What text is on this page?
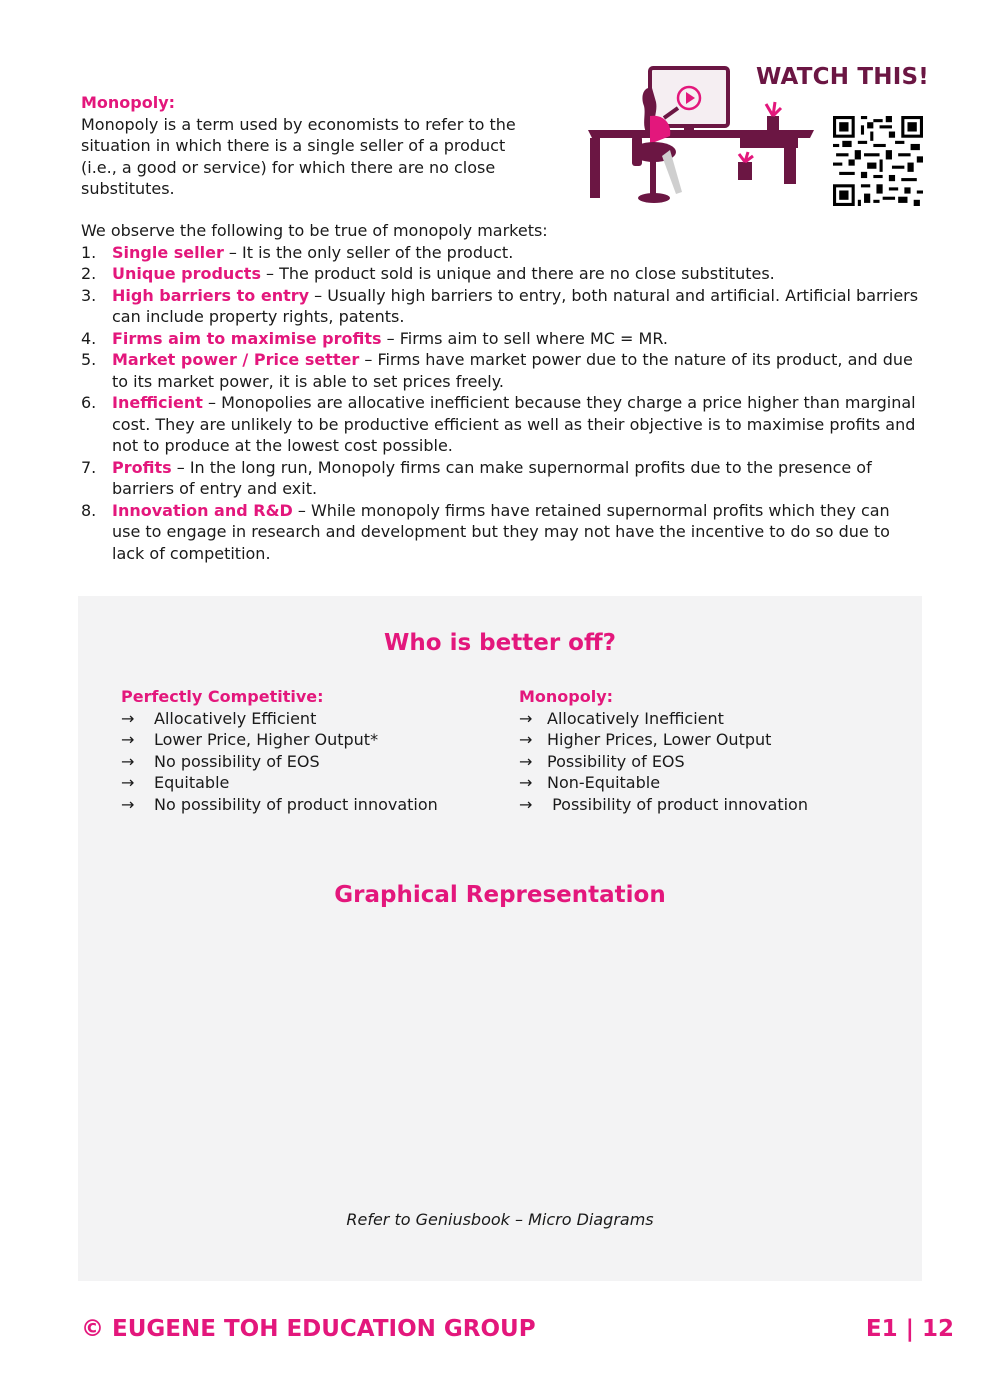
Monopoly:
Monopoly is a term used by economists to refer to the situation in which there is a single seller of a product (i.e., a good or service) for which there are no close substitutes.
WATCH THIS!
We observe the following to be true of monopoly markets:
1. Single seller – It is the only seller of the product.
2. Unique products – The product sold is unique and there are no close substitutes.
3. High barriers to entry – Usually high barriers to entry, both natural and artificial. Artificial barriers can include property rights, patents.
4. Firms aim to maximise profits – Firms aim to sell where MC = MR.
5. Market power / Price setter – Firms have market power due to the nature of its product, and due to its market power, it is able to set prices freely.
6. Inefficient – Monopolies are allocative inefficient because they charge a price higher than marginal cost. They are unlikely to be productive efficient as well as their objective is to maximise profits and not to produce at the lowest cost possible.
7. Profits – In the long run, Monopoly firms can make supernormal profits due to the presence of barriers of entry and exit.
8. Innovation and R&D – While monopoly firms have retained supernormal profits which they can use to engage in research and development but they may not have the incentive to do so due to lack of competition.
Who is better off?
Perfectly Competitive:
→ Allocatively Efficient
→ Lower Price, Higher Output*
→ No possibility of EOS
→ Equitable
→ No possibility of product innovation
Monopoly:
→ Allocatively Inefficient
→ Higher Prices, Lower Output
→ Possibility of EOS
→ Non-Equitable
→ Possibility of product innovation
Graphical Representation
Refer to Geniusbook – Micro Diagrams
© EUGENE TOH EDUCATION GROUP	E1 | 12
